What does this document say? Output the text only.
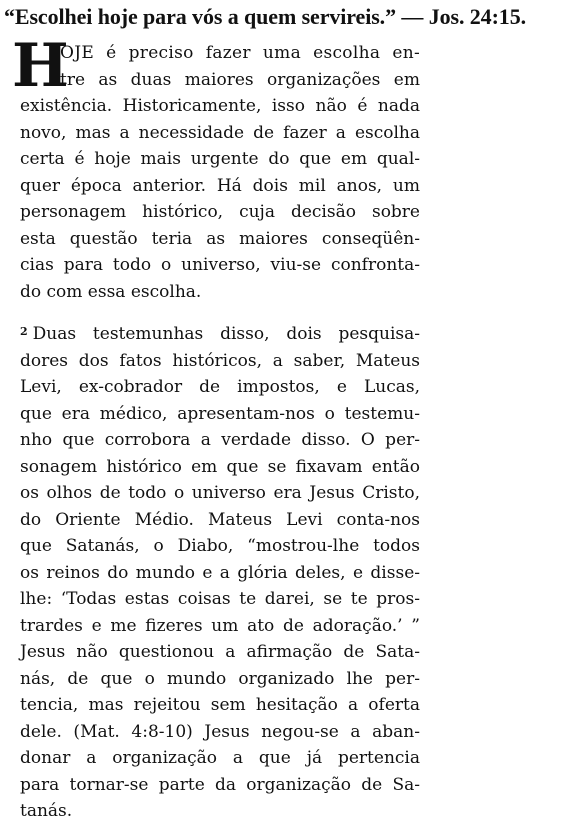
“Escolhei hoje para vós a quem servireis.” — Jos. 24:15.

H
OJE é preciso fazer uma escolha en-
tre as duas maiores organizações em
existência. Historicamente, isso não é nada
novo, mas a necessidade de fazer a escolha
certa é hoje mais urgente do que em qual-
quer época anterior. Há dois mil anos, um
personagem histórico, cuja decisão sobre
esta questão teria as maiores conseqüên-
cias para todo o universo, viu-se confronta-
do com essa escolha.

$^2$ Duas testemunhas disso, dois pesquisa-
dores dos fatos históricos, a saber, Mateus
Levi, ex-cobrador de impostos, e Lucas,
que era médico, apresentam-nos o testemu-
nho que corrobora a verdade disso. O per-
sonagem histórico em que se fixavam então
os olhos de todo o universo era Jesus Cristo,
do Oriente Médio. Mateus Levi conta-nos
que Satanás, o Diabo, “mostrou-lhe todos
os reinos do mundo e a glória deles, e disse-
lhe: ‘Todas estas coisas te darei, se te pros-
trardes e me fizeres um ato de adoração.’ ”
Jesus não questionou a afirmação de Sata-
nás, de que o mundo organizado lhe per-
tencia, mas rejeitou sem hesitação a oferta
dele. (Mat. 4:8-10) Jesus negou-se a aban-
donar a organização a que já pertencia
para tornar-se parte da organização de Sa-
tanás.
